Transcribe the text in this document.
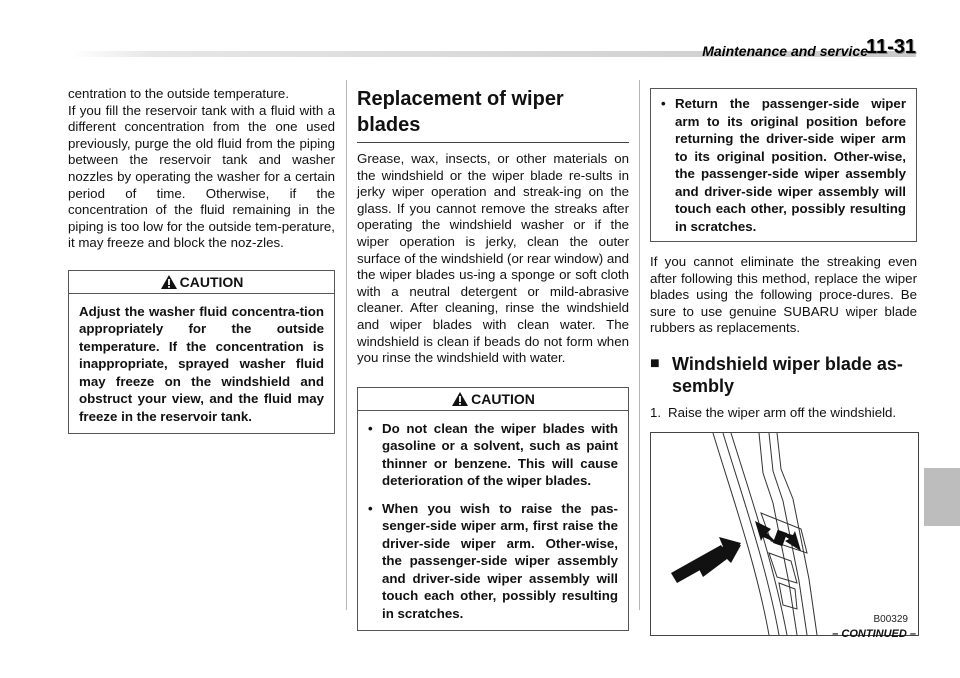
Maintenance and service
11-31

centration to the outside temperature.
If you fill the reservoir tank with a fluid with a different concentration from the one used previously, purge the old fluid from the piping between the reservoir tank and washer nozzles by operating the washer for a certain period of time. Otherwise, if the concentration of the fluid remaining in the piping is too low for the outside tem-perature, it may freeze and block the noz-zles.

CAUTION
Adjust the washer fluid concentra-tion appropriately for the outside temperature. If the concentration is inappropriate, sprayed washer fluid may freeze on the windshield and obstruct your view, and the fluid may freeze in the reservoir tank.
Replacement of wiper blades

Grease, wax, insects, or other materials on the windshield or the wiper blade re-sults in jerky wiper operation and streak-ing on the glass. If you cannot remove the streaks after operating the windshield washer or if the wiper operation is jerky, clean the outer surface of the windshield (or rear window) and the wiper blades us-ing a sponge or soft cloth with a neutral detergent or mild-abrasive cleaner. After cleaning, rinse the windshield and wiper blades with clean water. The windshield is clean if beads do not form when you rinse the windshield with water.

CAUTION
• Do not clean the wiper blades with gasoline or a solvent, such as paint thinner or benzene. This will cause deterioration of the wiper blades.
• When you wish to raise the pas-senger-side wiper arm, first raise the driver-side wiper arm. Other-wise, the passenger-side wiper assembly and driver-side wiper assembly will touch each other, possibly resulting in scratches.
• Return the passenger-side wiper arm to its original position before returning the driver-side wiper arm to its original position. Other-wise, the passenger-side wiper assembly and driver-side wiper assembly will touch each other, possibly resulting in scratches.

If you cannot eliminate the streaking even after following this method, replace the wiper blades using the following proce-dures. Be sure to use genuine SUBARU wiper blade rubbers as replacements.

■ Windshield wiper blade as-sembly

1. Raise the wiper arm off the windshield.

B00329
– CONTINUED –
